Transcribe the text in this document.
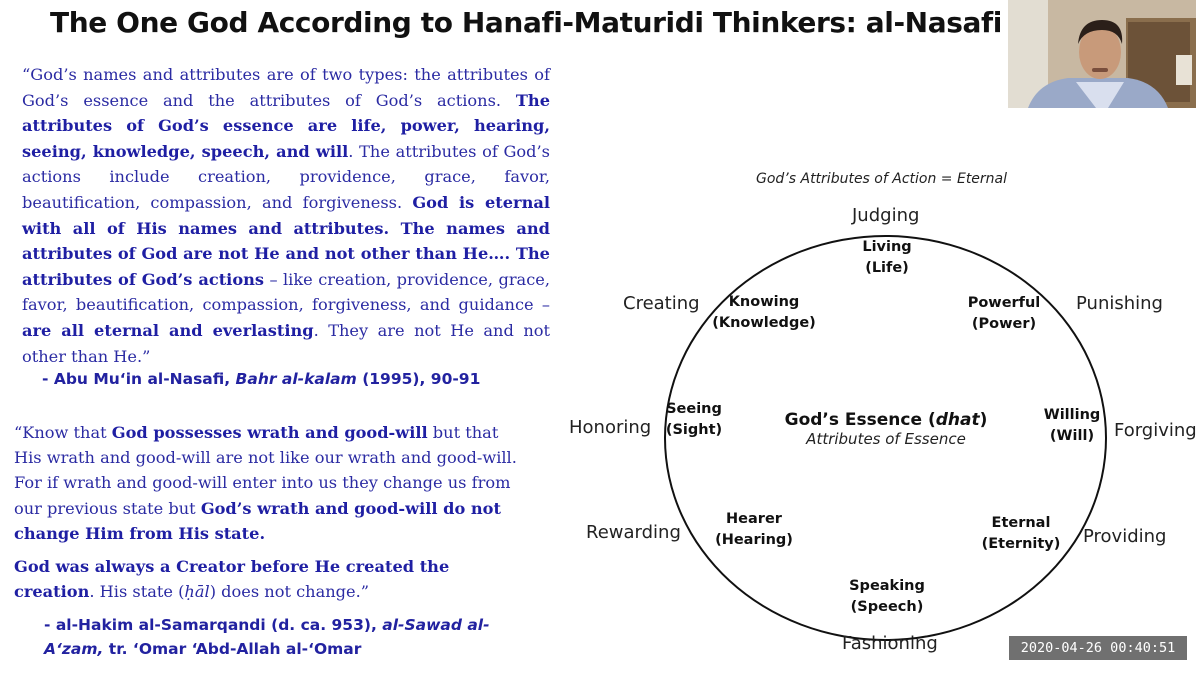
The One God According to Hanafi-Maturidi Thinkers: al-Nasafi
“God’s names and attributes are of two types: the attributes of God’s essence and the attributes of God’s actions. The attributes of God’s essence are life, power, hearing, seeing, knowledge, speech, and will. The attributes of God’s actions include creation, providence, grace, favor, beautification, compassion, and forgiveness. God is eternal with all of His names and attributes. The names and attributes of God are not He and not other than He…. The attributes of God’s actions – like creation, providence, grace, favor, beautification, compassion, forgiveness, and guidance – are all eternal and everlasting. They are not He and not other than He.”
- Abu Mu‘in al-Nasafi, Bahr al-kalam (1995), 90-91

“Know that God possesses wrath and good-will but that His wrath and good-will are not like our wrath and good-will. For if wrath and good-will enter into us they change us from our previous state but God’s wrath and good-will do not change Him from His state.

God was always a Creator before He created the creation. His state (ḥāl) does not change.”

- al-Hakim al-Samarqandi (d. ca. 953), al-Sawad al-A‘zam, tr. ‘Omar ‘Abd-Allah al-‘Omar
God’s Attributes of Action = Eternal
Judging
Punishing
Forgiving
Providing
Fashioning
Rewarding
Honoring
Creating
Living
(Life)
Powerful
(Power)
Willing
(Will)
Eternal
(Eternity)
Speaking
(Speech)
Hearer
(Hearing)
Seeing
(Sight)
Knowing
(Knowledge)
God’s Essence (dhat)
Attributes of Essence
2020-04-26 00:40:51
